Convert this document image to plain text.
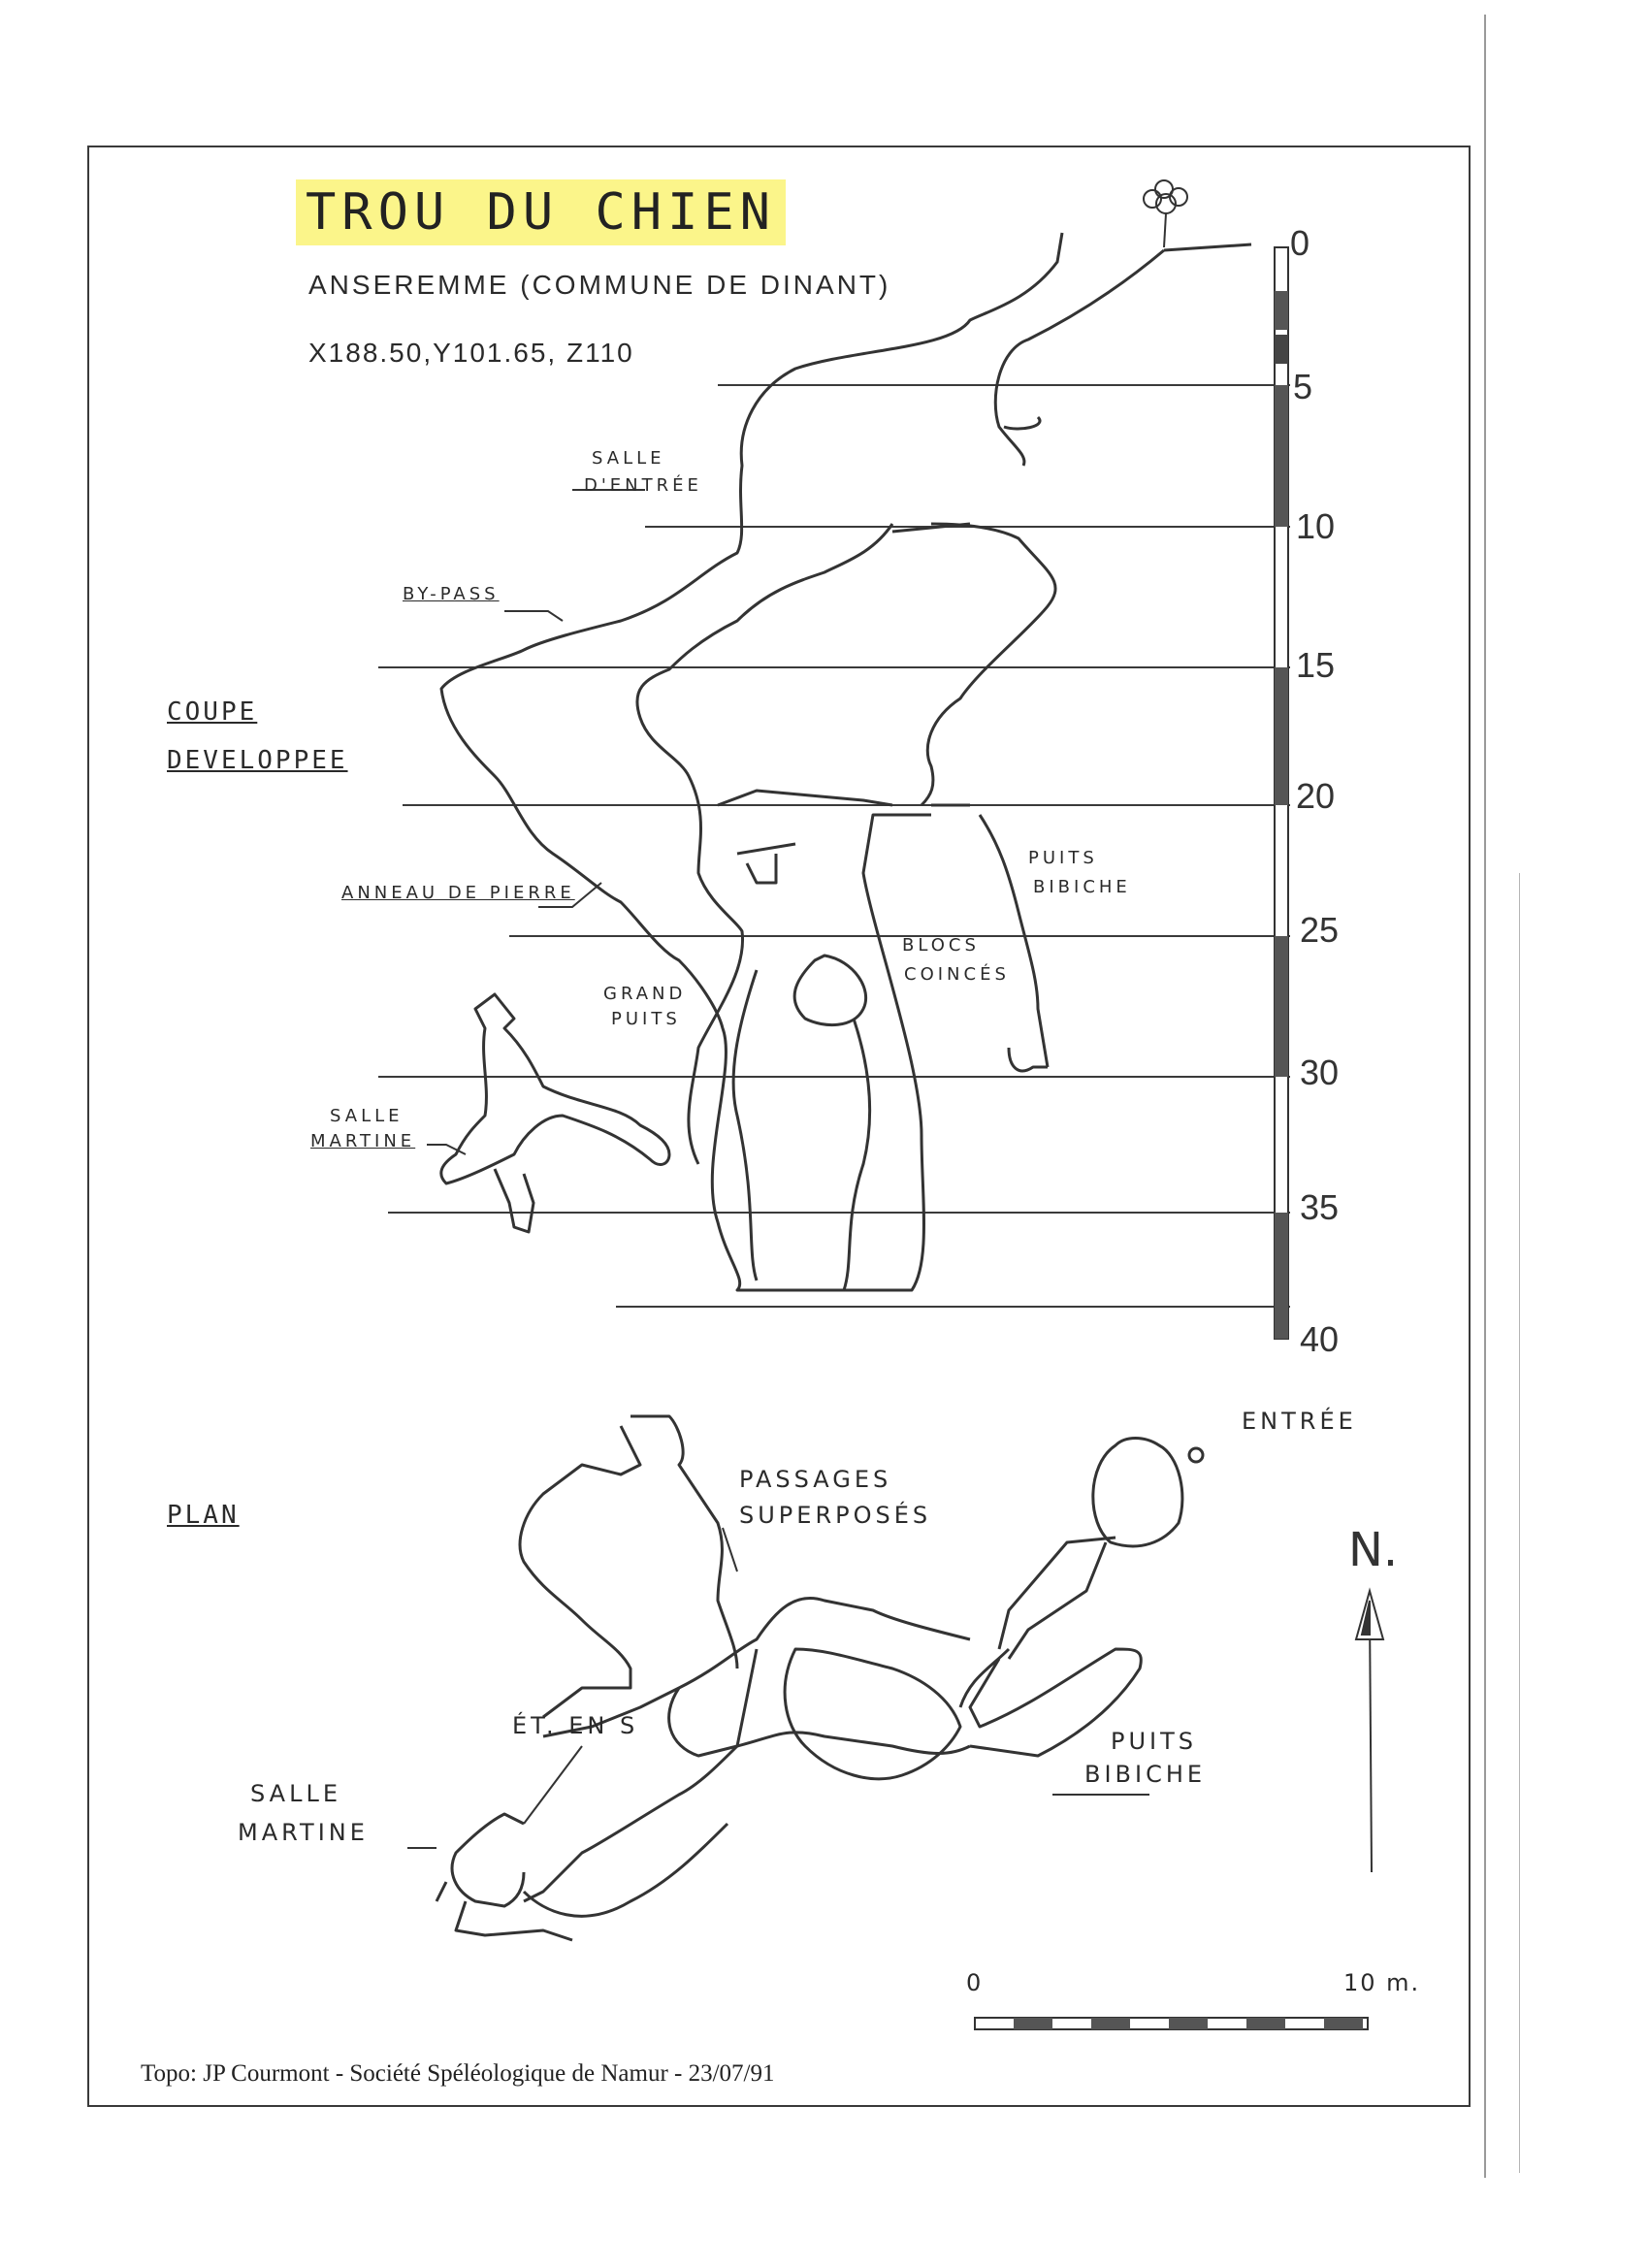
TROU DU CHIEN
ANSEREMME (COMMUNE DE DINANT)
X188.50,Y101.65, Z110
COUPE
DEVELOPPEE
SALLE
D'ENTRÉE
BY-PASS
ANNEAU DE PIERRE
GRAND
PUITS
SALLE
MARTINE
PUITS
BIBICHE
BLOCS
COINCÉS
0
5
10
15
20
25
30
35
40
PLAN
ENTRÉE
PASSAGES
SUPERPOSÉS
ÉT. EN S
SALLE
MARTINE
PUITS
BIBICHE
N.
0	10 m.
Topo: JP Courmont - Société Spéléologique de Namur - 23/07/91
